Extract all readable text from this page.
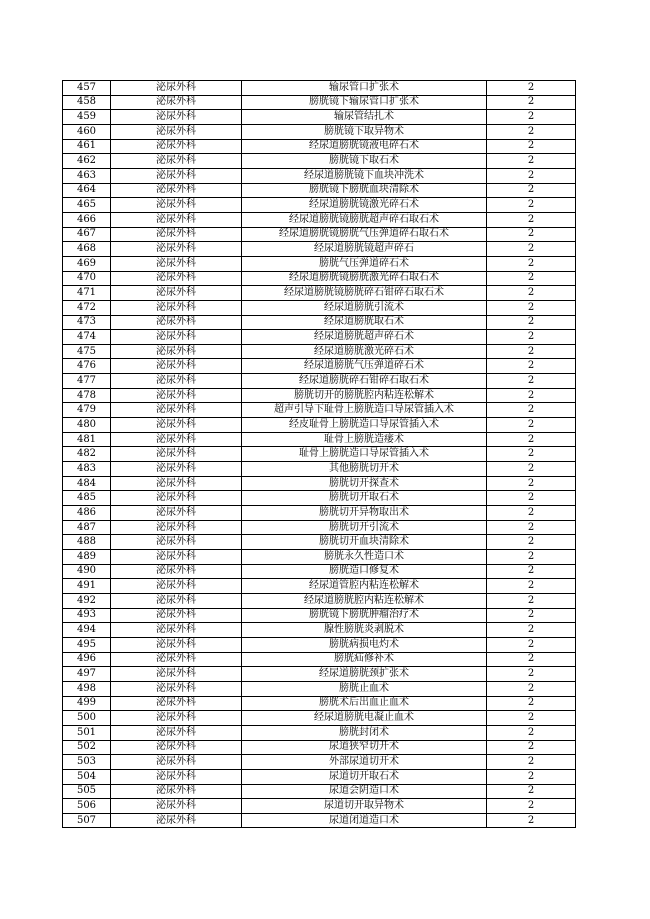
457	泌尿外科	输尿管口扩张术	2
458	泌尿外科	膀胱镜下输尿管口扩张术	2
459	泌尿外科	输尿管结扎术	2
460	泌尿外科	膀胱镜下取异物术	2
461	泌尿外科	经尿道膀胱镜液电碎石术	2
462	泌尿外科	膀胱镜下取石术	2
463	泌尿外科	经尿道膀胱镜下血块冲洗术	2
464	泌尿外科	膀胱镜下膀胱血块清除术	2
465	泌尿外科	经尿道膀胱镜激光碎石术	2
466	泌尿外科	经尿道膀胱镜膀胱超声碎石取石术	2
467	泌尿外科	经尿道膀胱镜膀胱气压弹道碎石取石术	2
468	泌尿外科	经尿道膀胱镜超声碎石	2
469	泌尿外科	膀胱气压弹道碎石术	2
470	泌尿外科	经尿道膀胱镜膀胱激光碎石取石术	2
471	泌尿外科	经尿道膀胱镜膀胱碎石钳碎石取石术	2
472	泌尿外科	经尿道膀胱引流术	2
473	泌尿外科	经尿道膀胱取石术	2
474	泌尿外科	经尿道膀胱超声碎石术	2
475	泌尿外科	经尿道膀胱激光碎石术	2
476	泌尿外科	经尿道膀胱气压弹道碎石术	2
477	泌尿外科	经尿道膀胱碎石钳碎石取石术	2
478	泌尿外科	膀胱切开的膀胱腔内粘连松解术	2
479	泌尿外科	超声引导下耻骨上膀胱造口导尿管插入术	2
480	泌尿外科	经皮耻骨上膀胱造口导尿管插入术	2
481	泌尿外科	耻骨上膀胱造瘘术	2
482	泌尿外科	耻骨上膀胱造口导尿管插入术	2
483	泌尿外科	其他膀胱切开术	2
484	泌尿外科	膀胱切开探查术	2
485	泌尿外科	膀胱切开取石术	2
486	泌尿外科	膀胱切开异物取出术	2
487	泌尿外科	膀胱切开引流术	2
488	泌尿外科	膀胱切开血块清除术	2
489	泌尿外科	膀胱永久性造口术	2
490	泌尿外科	膀胱造口修复术	2
491	泌尿外科	经尿道管腔内粘连松解术	2
492	泌尿外科	经尿道膀胱腔内粘连松解术	2
493	泌尿外科	膀胱镜下膀胱肿瘤治疗术	2
494	泌尿外科	腺性膀胱炎剥脱术	2
495	泌尿外科	膀胱病损电灼术	2
496	泌尿外科	膀胱疝修补术	2
497	泌尿外科	经尿道膀胱颈扩张术	2
498	泌尿外科	膀胱止血术	2
499	泌尿外科	膀胱术后出血止血术	2
500	泌尿外科	经尿道膀胱电凝止血术	2
501	泌尿外科	膀胱封闭术	2
502	泌尿外科	尿道狭窄切开术	2
503	泌尿外科	外部尿道切开术	2
504	泌尿外科	尿道切开取石术	2
505	泌尿外科	尿道会阴造口术	2
506	泌尿外科	尿道切开取异物术	2
507	泌尿外科	尿道闭道造口术	2
